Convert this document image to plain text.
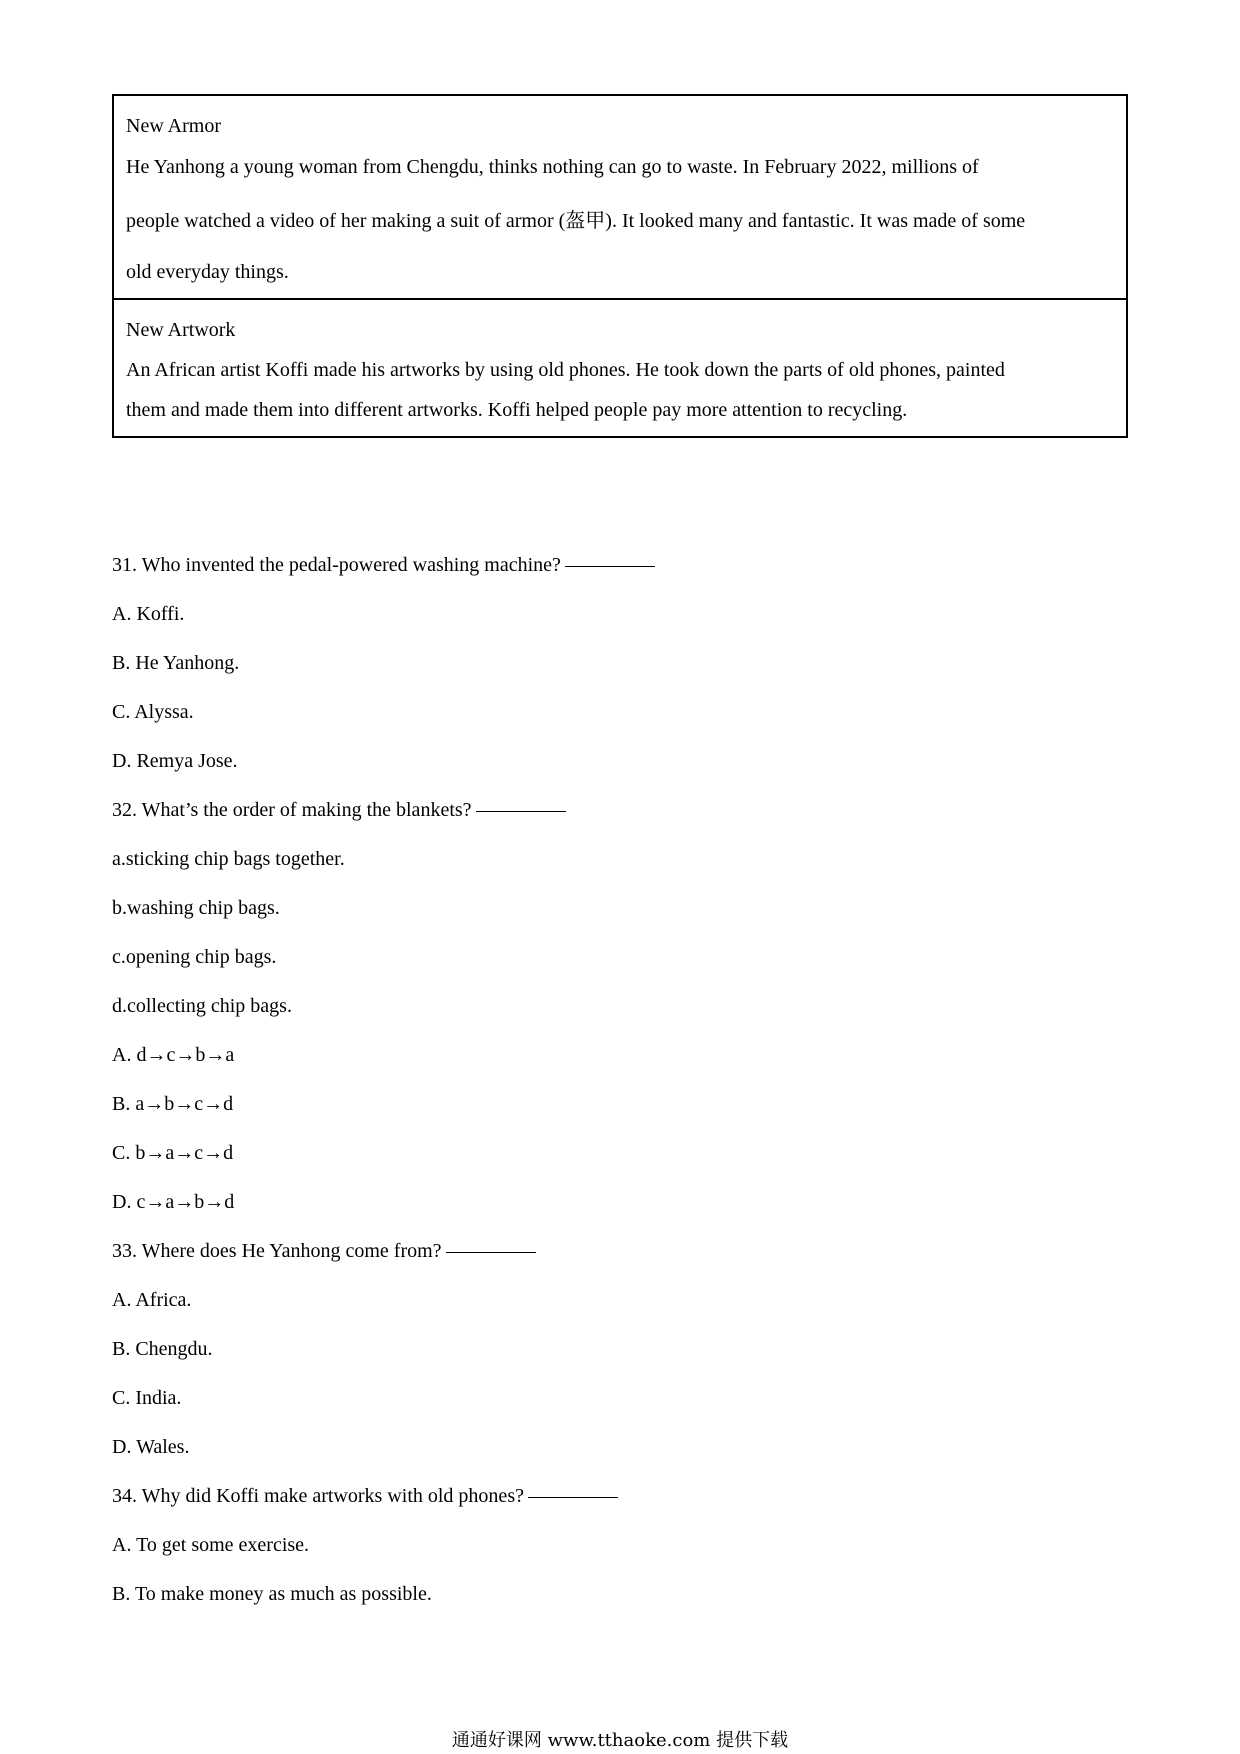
New Armor

He Yanhong a young woman from Chengdu, thinks nothing can go to waste. In February 2022, millions of

people watched a video of her making a suit of armor (盔甲). It looked many and fantastic. It was made of some

old everyday things.

New Artwork

An African artist Koffi made his artworks by using old phones. He took down the parts of old phones, painted

them and made them into different artworks. Koffi helped people pay more attention to recycling.

31. Who invented the pedal-powered washing machine?
A. Koffi.
B. He Yanhong.
C. Alyssa.
D. Remya Jose.
32. What’s the order of making the blankets?
a.sticking chip bags together.
b.washing chip bags.
c.opening chip bags.
d.collecting chip bags.
A. d→c→b→a
B. a→b→c→d
C. b→a→c→d
D. c→a→b→d
33. Where does He Yanhong come from?
A. Africa.
B. Chengdu.
C. India.
D. Wales.
34. Why did Koffi make artworks with old phones?
A. To get some exercise.
B. To make money as much as possible.
通通好课网 www.tthaoke.com 提供下载
